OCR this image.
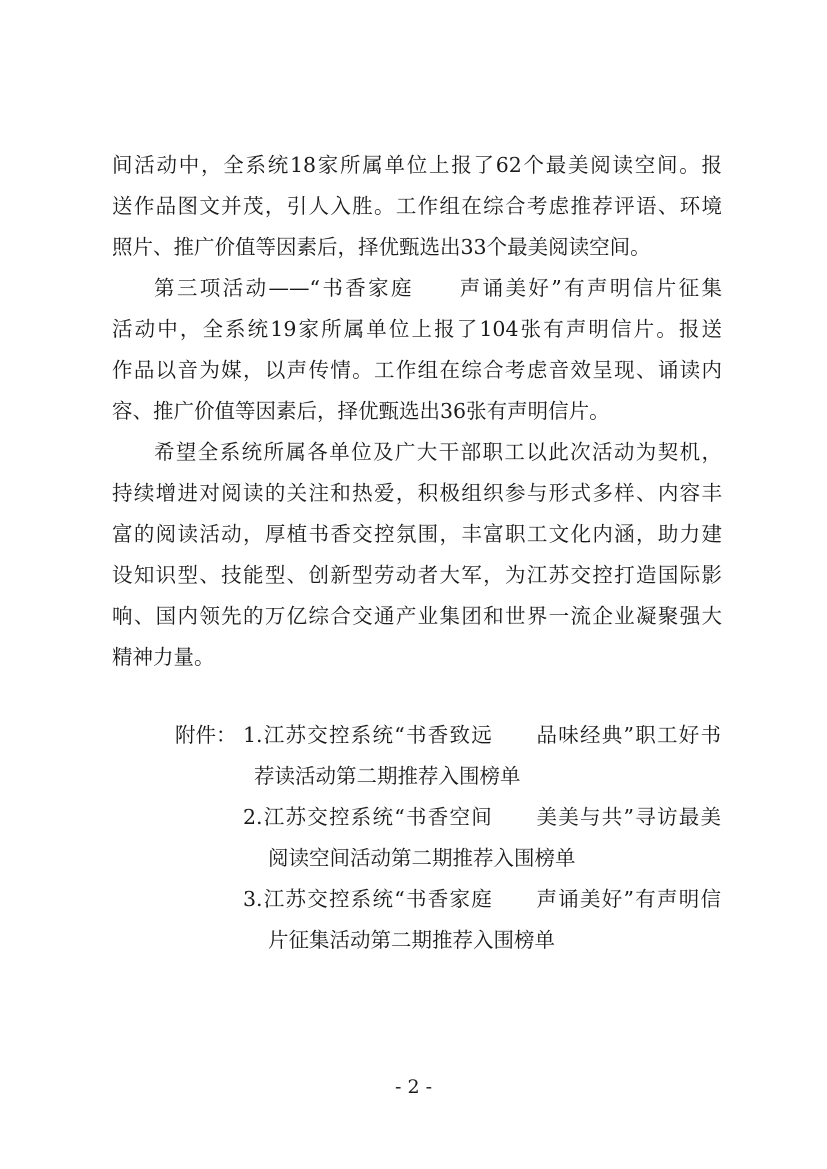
间活动中，全系统18家所属单位上报了62个最美阅读空间。报
送作品图文并茂，引人入胜。工作组在综合考虑推荐评语、环境
照片、推广价值等因素后，择优甄选出33个最美阅读空间。
第三项活动——“书香家庭　　声诵美好”有声明信片征集
活动中，全系统19家所属单位上报了104张有声明信片。报送
作品以音为媒，以声传情。工作组在综合考虑音效呈现、诵读内
容、推广价值等因素后，择优甄选出36张有声明信片。
希望全系统所属各单位及广大干部职工以此次活动为契机，
持续增进对阅读的关注和热爱，积极组织参与形式多样、内容丰
富的阅读活动，厚植书香交控氛围，丰富职工文化内涵，助力建
设知识型、技能型、创新型劳动者大军，为江苏交控打造国际影
响、国内领先的万亿综合交通产业集团和世界一流企业凝聚强大
精神力量。
附件： 1.江苏交控系统“书香致远　　品味经典”职工好书
荐读活动第二期推荐入围榜单
2.江苏交控系统“书香空间　　美美与共”寻访最美
阅读空间活动第二期推荐入围榜单
3.江苏交控系统“书香家庭　　声诵美好”有声明信
片征集活动第二期推荐入围榜单
- 2 -
